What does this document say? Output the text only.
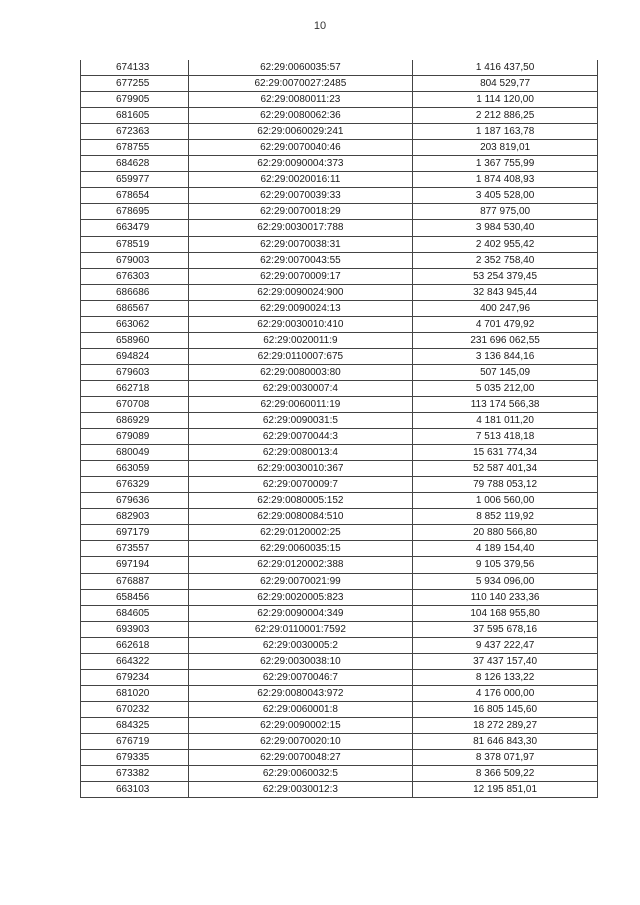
10
674133	62:29:0060035:57	1 416 437,50
677255	62:29:0070027:2485	804 529,77
679905	62:29:0080011:23	1 114 120,00
681605	62:29:0080062:36	2 212 886,25
672363	62:29:0060029:241	1 187 163,78
678755	62:29:0070040:46	203 819,01
684628	62:29:0090004:373	1 367 755,99
659977	62:29:0020016:11	1 874 408,93
678654	62:29:0070039:33	3 405 528,00
678695	62:29:0070018:29	877 975,00
663479	62:29:0030017:788	3 984 530,40
678519	62:29:0070038:31	2 402 955,42
679003	62:29:0070043:55	2 352 758,40
676303	62:29:0070009:17	53 254 379,45
686686	62:29:0090024:900	32 843 945,44
686567	62:29:0090024:13	400 247,96
663062	62:29:0030010:410	4 701 479,92
658960	62:29:0020011:9	231 696 062,55
694824	62:29:0110007:675	3 136 844,16
679603	62:29:0080003:80	507 145,09
662718	62:29:0030007:4	5 035 212,00
670708	62:29:0060011:19	113 174 566,38
686929	62:29:0090031:5	4 181 011,20
679089	62:29:0070044:3	7 513 418,18
680049	62:29:0080013:4	15 631 774,34
663059	62:29:0030010:367	52 587 401,34
676329	62:29:0070009:7	79 788 053,12
679636	62:29:0080005:152	1 006 560,00
682903	62:29:0080084:510	8 852 119,92
697179	62:29:0120002:25	20 880 566,80
673557	62:29:0060035:15	4 189 154,40
697194	62:29:0120002:388	9 105 379,56
676887	62:29:0070021:99	5 934 096,00
658456	62:29:0020005:823	110 140 233,36
684605	62:29:0090004:349	104 168 955,80
693903	62:29:0110001:7592	37 595 678,16
662618	62:29:0030005:2	9 437 222,47
664322	62:29:0030038:10	37 437 157,40
679234	62:29:0070046:7	8 126 133,22
681020	62:29:0080043:972	4 176 000,00
670232	62:29:0060001:8	16 805 145,60
684325	62:29:0090002:15	18 272 289,27
676719	62:29:0070020:10	81 646 843,30
679335	62:29:0070048:27	8 378 071,97
673382	62:29:0060032:5	8 366 509,22
663103	62:29:0030012:3	12 195 851,01
